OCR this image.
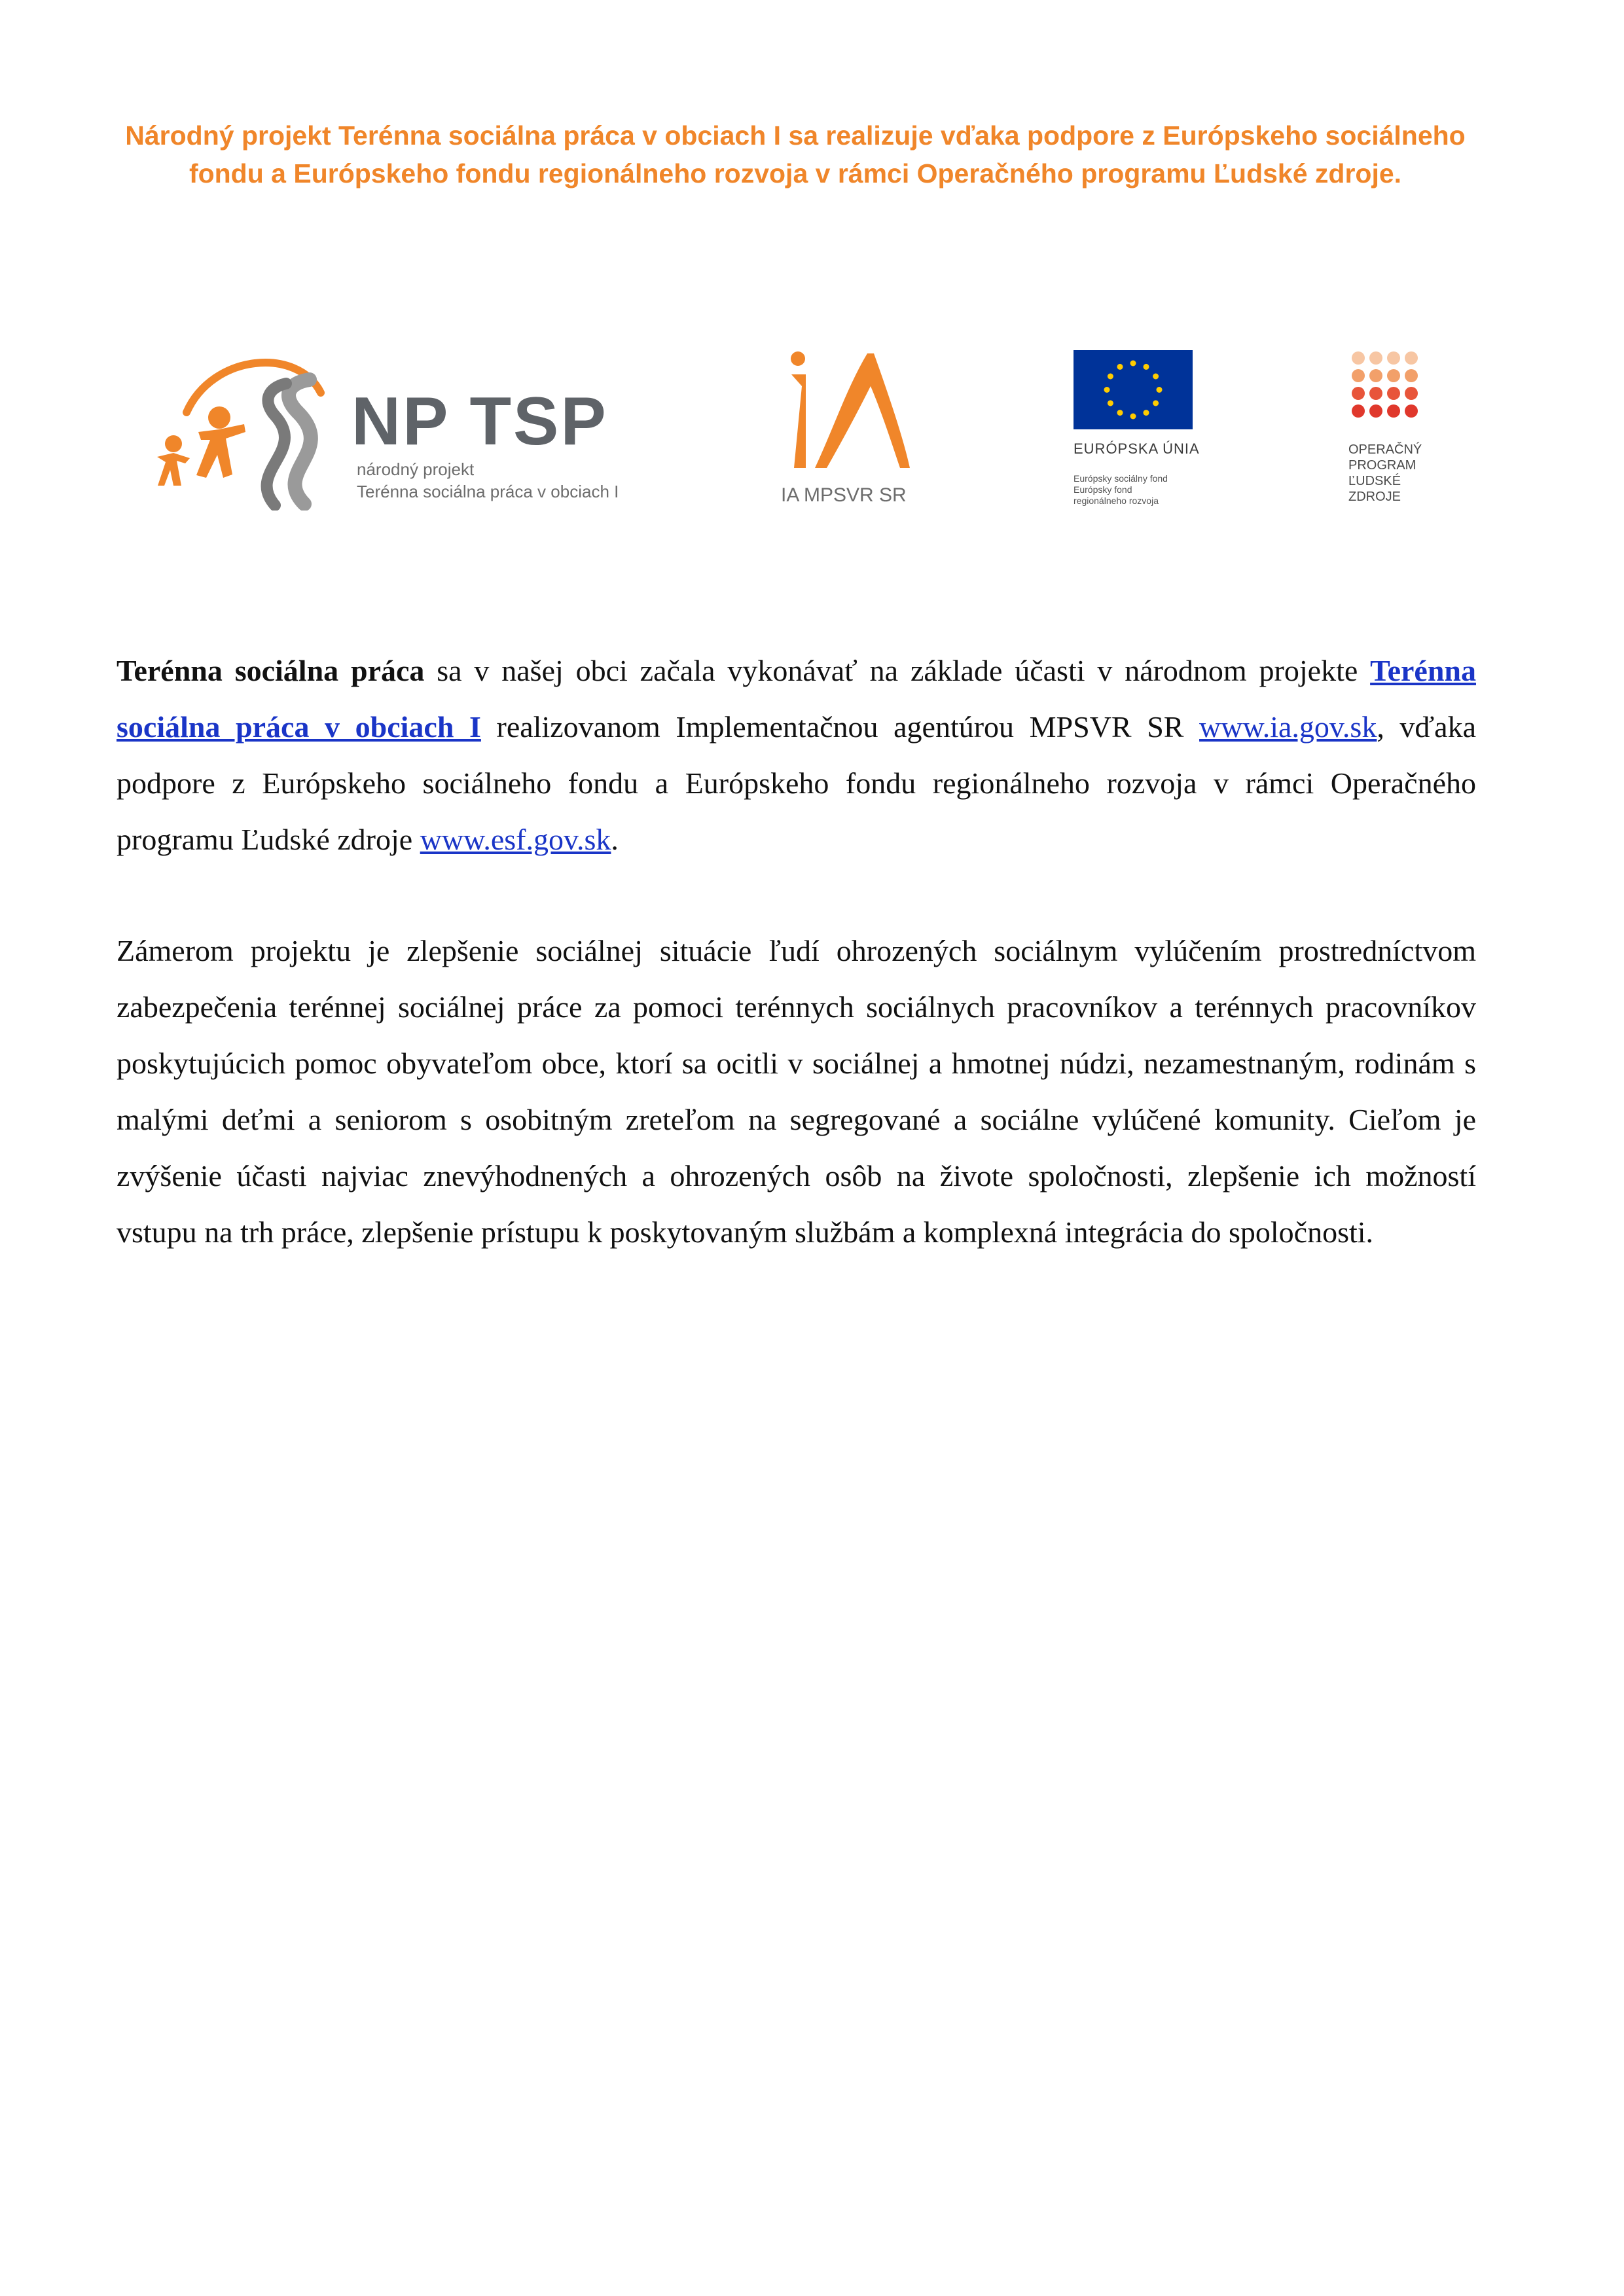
Národný projekt Terénna sociálna práca v obciach I sa realizuje vďaka podpore z Európskeho sociálneho fondu a Európskeho fondu regionálneho rozvoja v rámci Operačného programu Ľudské zdroje.
NP TSP
národný projekt
Terénna sociálna práca v obciach I	IA MPSVR SR
EURÓPSKA ÚNIA
Európsky sociálny fond
Európsky fond
regionálneho rozvoja
OPERAČNÝ
PROGRAM
ĽUDSKÉ
ZDROJE

Terénna sociálna práca sa v našej obci začala vykonávať na základe účasti v národnom projekte Terénna sociálna práca v obciach I realizovanom Implementačnou agentúrou MPSVR SR www.ia.gov.sk, vďaka podpore z Európskeho sociálneho fondu a Európskeho fondu regionálneho rozvoja v rámci Operačného programu Ľudské zdroje www.esf.gov.sk.

Zámerom projektu je zlepšenie sociálnej situácie ľudí ohrozených sociálnym vylúčením prostredníctvom zabezpečenia terénnej sociálnej práce za pomoci terénnych sociálnych pracovníkov a terénnych pracovníkov poskytujúcich pomoc obyvateľom obce, ktorí sa ocitli v sociálnej a hmotnej núdzi, nezamestnaným, rodinám s malými deťmi a seniorom s osobitným zreteľom na segregované a sociálne vylúčené komunity. Cieľom je zvýšenie účasti najviac znevýhodnených a ohrozených osôb na živote spoločnosti, zlepšenie ich možností vstupu na trh práce, zlepšenie prístupu k poskytovaným službám a komplexná integrácia do spoločnosti.
